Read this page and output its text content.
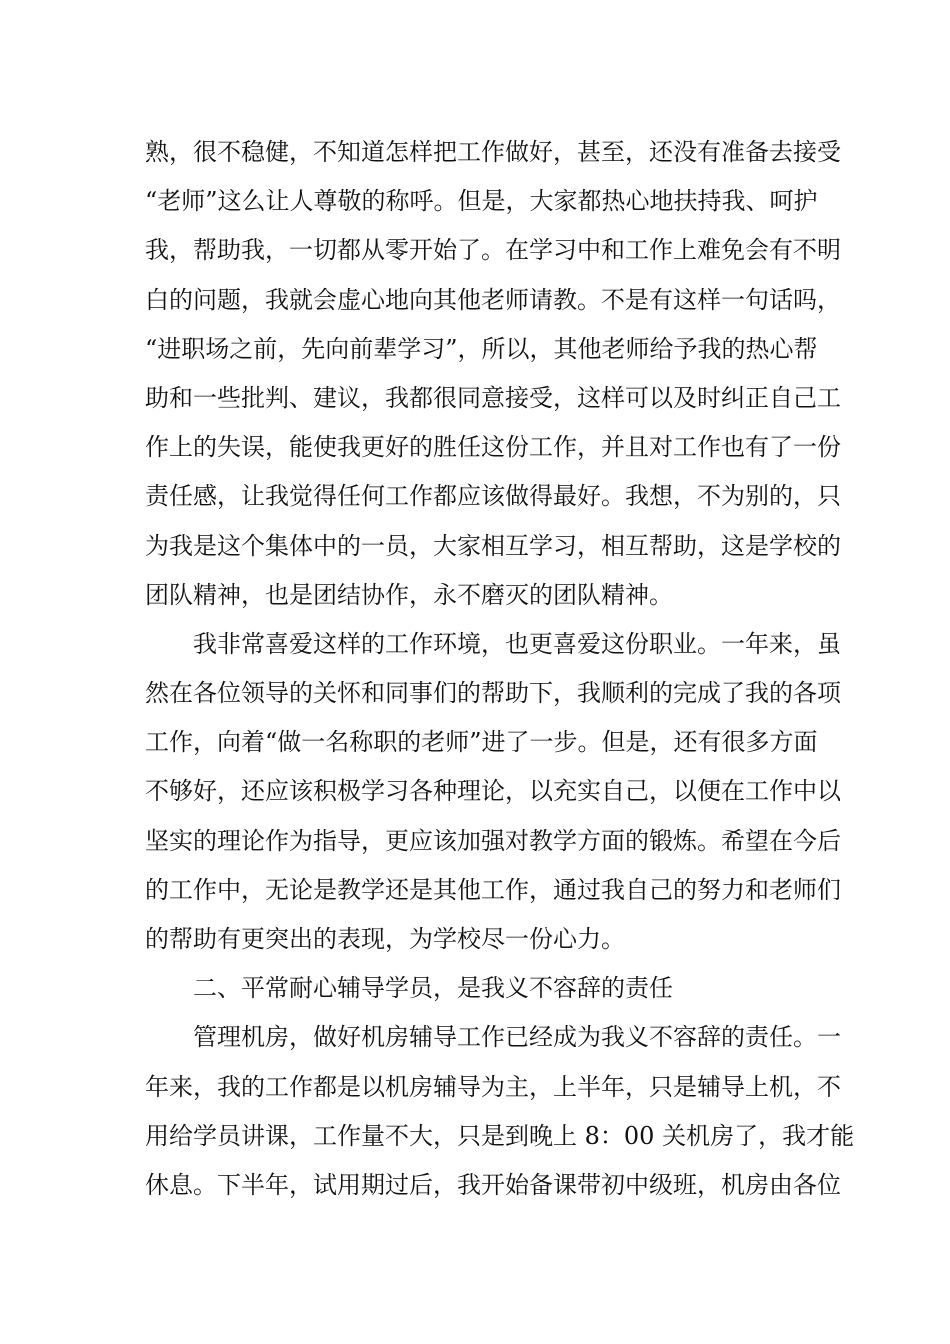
熟，很不稳健，不知道怎样把工作做好，甚至，还没有准备去接受
“老师”这么让人尊敬的称呼。但是，大家都热心地扶持我、呵护
我，帮助我，一切都从零开始了。在学习中和工作上难免会有不明
白的问题，我就会虚心地向其他老师请教。不是有这样一句话吗，
“进职场之前，先向前辈学习”，所以，其他老师给予我的热心帮
助和一些批判、建议，我都很同意接受，这样可以及时纠正自己工
作上的失误，能使我更好的胜任这份工作，并且对工作也有了一份
责任感，让我觉得任何工作都应该做得最好。我想，不为别的，只
为我是这个集体中的一员，大家相互学习，相互帮助，这是学校的
团队精神，也是团结协作，永不磨灭的团队精神。
我非常喜爱这样的工作环境，也更喜爱这份职业。一年来，虽
然在各位领导的关怀和同事们的帮助下，我顺利的完成了我的各项
工作，向着“做一名称职的老师”进了一步。但是，还有很多方面
不够好，还应该积极学习各种理论，以充实自己，以便在工作中以
坚实的理论作为指导，更应该加强对教学方面的锻炼。希望在今后
的工作中，无论是教学还是其他工作，通过我自己的努力和老师们
的帮助有更突出的表现，为学校尽一份心力。
二、平常耐心辅导学员，是我义不容辞的责任
管理机房，做好机房辅导工作已经成为我义不容辞的责任。一
年来，我的工作都是以机房辅导为主，上半年，只是辅导上机，不
用给学员讲课，工作量不大，只是到晚上 8：00 关机房了，我才能
休息。下半年，试用期过后，我开始备课带初中级班，机房由各位
